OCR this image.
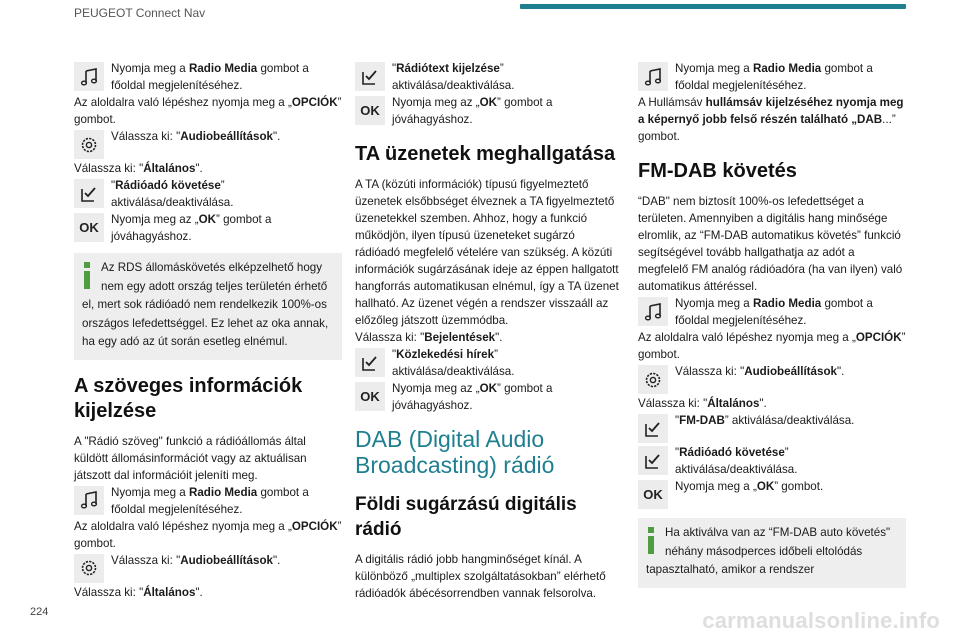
PEUGEOT Connect Nav

Nyomja meg a Radio Media gombot a főoldal megjelenítéséhez.

Az aloldalra való lépéshez nyomja meg a „OPCIÓK” gombot.

Válassza ki: "Audiobeállítások".

Válassza ki: "Általános".

"Rádióadó követése” aktiválása/deaktiválása.

OK

Nyomja meg az „OK” gombot a jóváhagyáshoz.

Az RDS állomáskövetés elképzelhető hogy nem egy adott ország teljes területén érhető el, mert sok rádióadó nem rendelkezik 100%-os országos lefedettséggel. Ez lehet az oka annak, ha egy adó az út során esetleg elnémul.
A szöveges információk kijelzése

A "Rádió szöveg" funkció a rádióállomás által küldött állomásinformációt vagy az aktuálisan játszott dal információit jeleníti meg.

Nyomja meg a Radio Media gombot a főoldal megjelenítéséhez.

Az aloldalra való lépéshez nyomja meg a „OPCIÓK” gombot.

Válassza ki: "Audiobeállítások".

Válassza ki: "Általános".

"Rádiótext kijelzése” aktiválása/deaktiválása.

OK

Nyomja meg az „OK” gombot a jóváhagyáshoz.

TA üzenetek meghallgatása

A TA (közúti információk) típusú figyelmeztető üzenetek elsőbbséget élveznek a TA figyelmeztető üzenetekkel szemben. Ahhoz, hogy a funkció működjön, ilyen típusú üzeneteket sugárzó rádióadó megfelelő vételére van szükség. A közúti információk sugárzásának ideje az éppen hallgatott hangforrás automatikusan elnémul, így a TA üzenet hallható. Az üzenet végén a rendszer visszaáll az előzőleg játszott üzemmódba.

Válassza ki: "Bejelentések".

"Közlekedési hírek” aktiválása/deaktiválása.

OK

Nyomja meg az „OK” gombot a jóváhagyáshoz.

DAB (Digital Audio Broadcasting) rádió
Földi sugárzású digitális rádió

A digitális rádió jobb hangminőséget kínál. A különböző „multiplex szolgáltatásokban” elérhető rádióadók ábécésorrendben vannak felsorolva.

Nyomja meg a Radio Media gombot a főoldal megjelenítéséhez.

A Hullámsáv hullámsáv kijelzéséhez nyomja meg a képernyő jobb felső részén található „DAB...” gombot.

FM-DAB követés

“DAB" nem biztosít 100%-os lefedettséget a területen. Amennyiben a digitális hang minősége elromlik, az “FM-DAB automatikus követés” funkció segítségével tovább hallgathatja az adót a megfelelő FM analóg rádióadóra (ha van ilyen) való automatikus áttéréssel.

Nyomja meg a Radio Media gombot a főoldal megjelenítéséhez.

Az aloldalra való lépéshez nyomja meg a „OPCIÓK” gombot.

Válassza ki: "Audiobeállítások".

Válassza ki: "Általános".

"FM-DAB” aktiválása/deaktiválása.

"Rádióadó követése” aktiválása/deaktiválása.

OK

Nyomja meg a „OK” gombot.

Ha aktiválva van az “FM-DAB auto követés" néhány másodperces időbeli eltolódás tapasztalható, amikor a rendszer
224	carmanualsonline.info
